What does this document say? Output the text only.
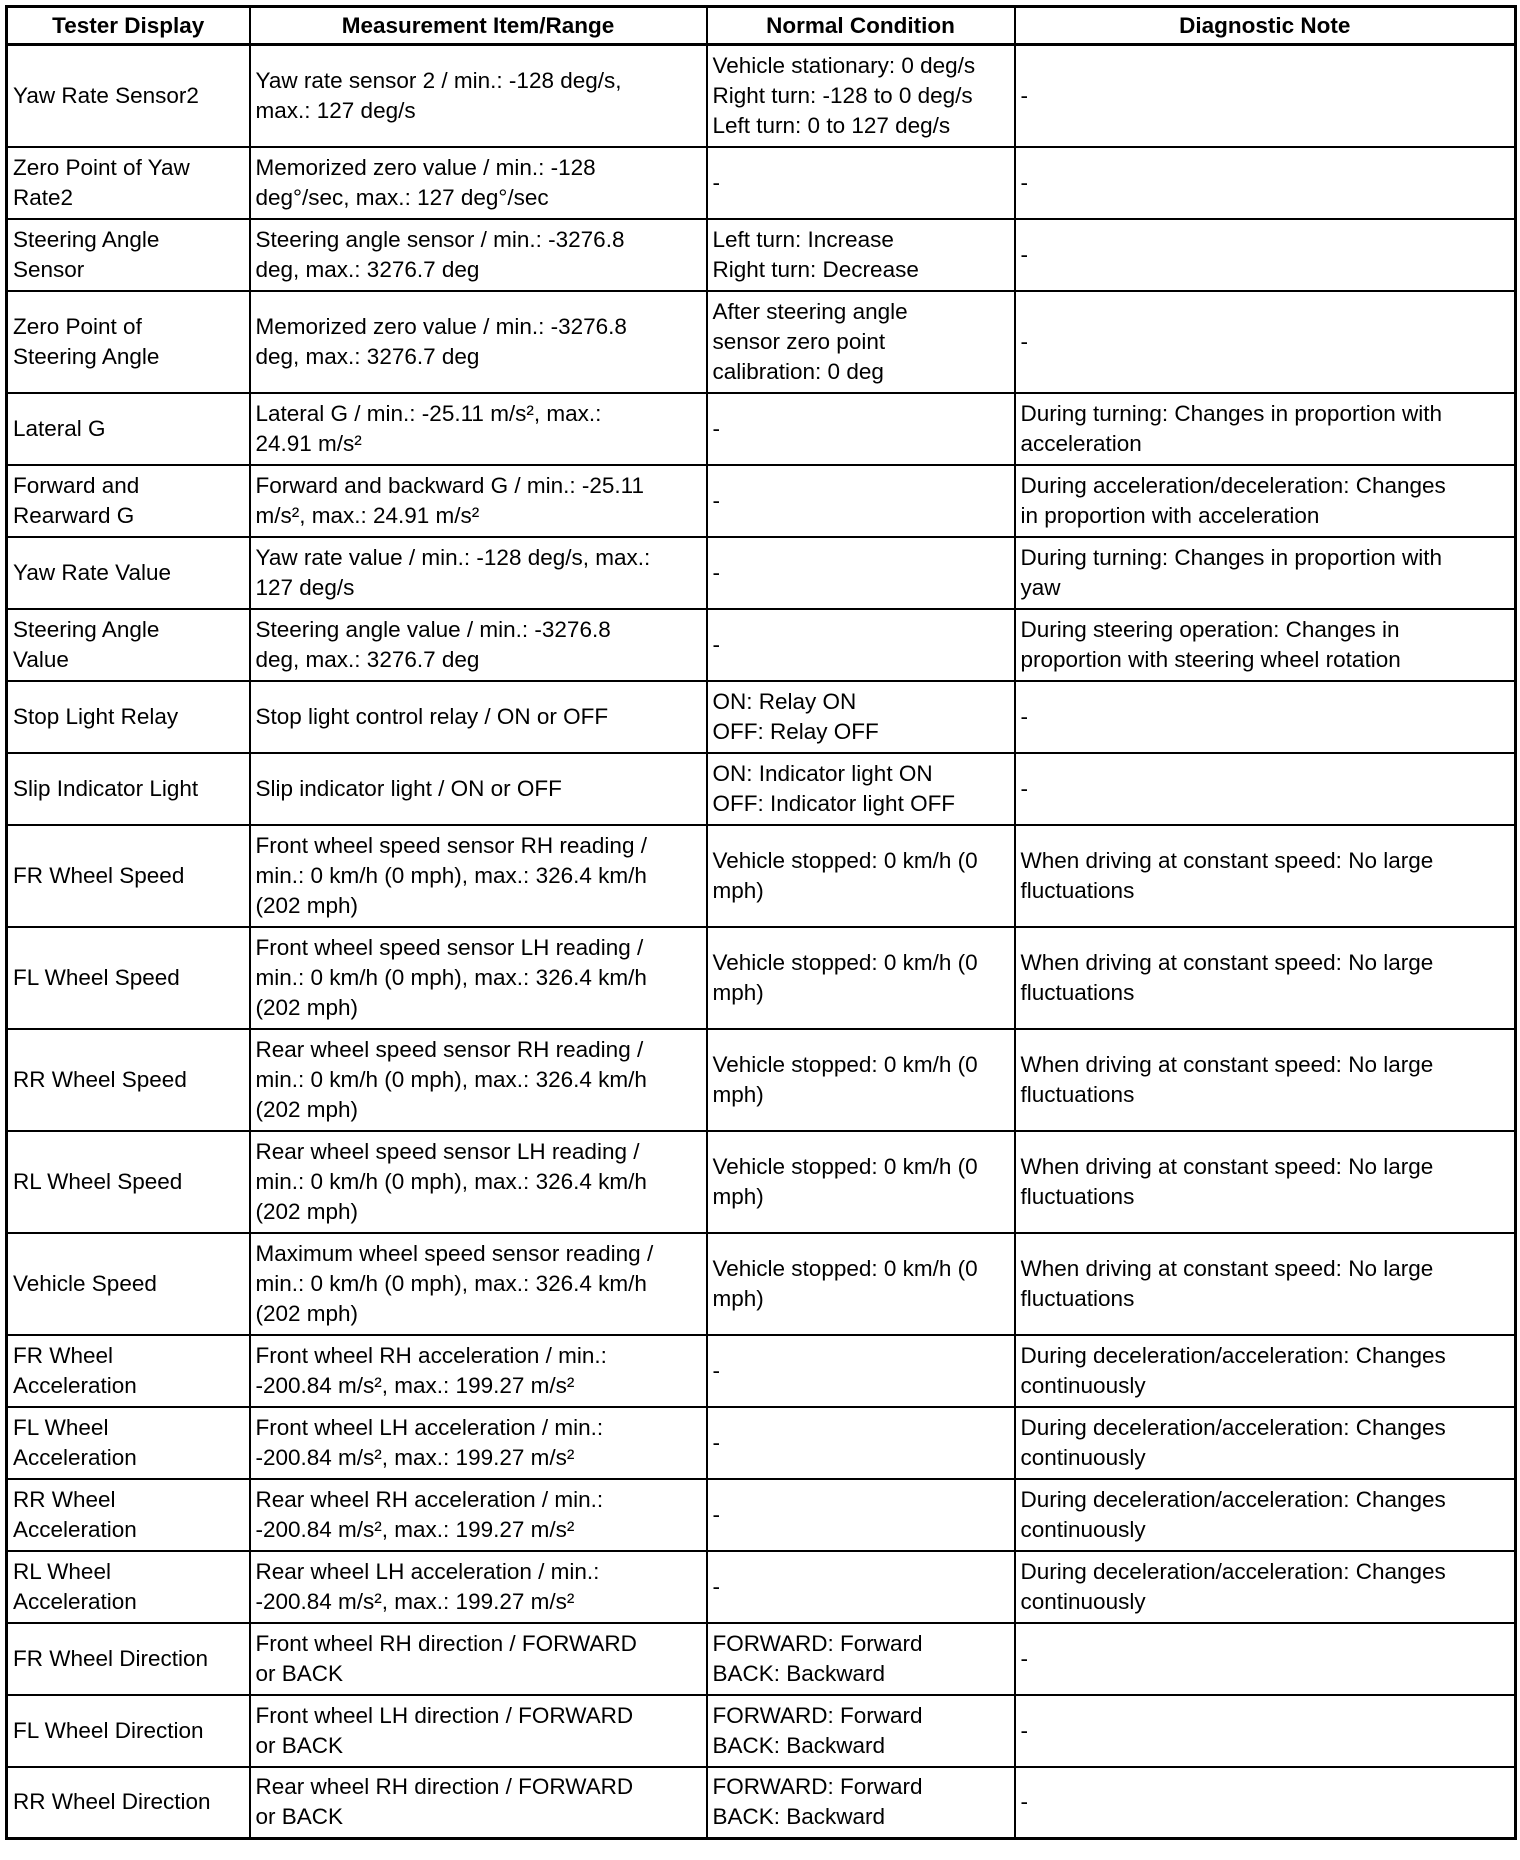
Tester Display	Measurement Item/Range	Normal Condition	Diagnostic Note
Yaw Rate Sensor2	Yaw rate sensor 2 / min.: -128 deg/s,
max.: 127 deg/s	Vehicle stationary: 0 deg/s
Right turn: -128 to 0 deg/s
Left turn: 0 to 127 deg/s	-
Zero Point of Yaw
Rate2	Memorized zero value / min.: -128
deg°/sec, max.: 127 deg°/sec	-	-
Steering Angle
Sensor	Steering angle sensor / min.: -3276.8
deg, max.: 3276.7 deg	Left turn: Increase
Right turn: Decrease	-
Zero Point of
Steering Angle	Memorized zero value / min.: -3276.8
deg, max.: 3276.7 deg	After steering angle
sensor zero point
calibration: 0 deg	-
Lateral G	Lateral G / min.: -25.11 m/s², max.:
24.91 m/s²	-	During turning: Changes in proportion with
acceleration
Forward and
Rearward G	Forward and backward G / min.: -25.11
m/s², max.: 24.91 m/s²	-	During acceleration/deceleration: Changes
in proportion with acceleration
Yaw Rate Value	Yaw rate value / min.: -128 deg/s, max.:
127 deg/s	-	During turning: Changes in proportion with
yaw
Steering Angle
Value	Steering angle value / min.: -3276.8
deg, max.: 3276.7 deg	-	During steering operation: Changes in
proportion with steering wheel rotation
Stop Light Relay	Stop light control relay / ON or OFF	ON: Relay ON
OFF: Relay OFF	-
Slip Indicator Light	Slip indicator light / ON or OFF	ON: Indicator light ON
OFF: Indicator light OFF	-
FR Wheel Speed	Front wheel speed sensor RH reading /
min.: 0 km/h (0 mph), max.: 326.4 km/h
(202 mph)	Vehicle stopped: 0 km/h (0
mph)	When driving at constant speed: No large
fluctuations
FL Wheel Speed	Front wheel speed sensor LH reading /
min.: 0 km/h (0 mph), max.: 326.4 km/h
(202 mph)	Vehicle stopped: 0 km/h (0
mph)	When driving at constant speed: No large
fluctuations
RR Wheel Speed	Rear wheel speed sensor RH reading /
min.: 0 km/h (0 mph), max.: 326.4 km/h
(202 mph)	Vehicle stopped: 0 km/h (0
mph)	When driving at constant speed: No large
fluctuations
RL Wheel Speed	Rear wheel speed sensor LH reading /
min.: 0 km/h (0 mph), max.: 326.4 km/h
(202 mph)	Vehicle stopped: 0 km/h (0
mph)	When driving at constant speed: No large
fluctuations
Vehicle Speed	Maximum wheel speed sensor reading /
min.: 0 km/h (0 mph), max.: 326.4 km/h
(202 mph)	Vehicle stopped: 0 km/h (0
mph)	When driving at constant speed: No large
fluctuations
FR Wheel
Acceleration	Front wheel RH acceleration / min.:
-200.84 m/s², max.: 199.27 m/s²	-	During deceleration/acceleration: Changes
continuously
FL Wheel
Acceleration	Front wheel LH acceleration / min.:
-200.84 m/s², max.: 199.27 m/s²	-	During deceleration/acceleration: Changes
continuously
RR Wheel
Acceleration	Rear wheel RH acceleration / min.:
-200.84 m/s², max.: 199.27 m/s²	-	During deceleration/acceleration: Changes
continuously
RL Wheel
Acceleration	Rear wheel LH acceleration / min.:
-200.84 m/s², max.: 199.27 m/s²	-	During deceleration/acceleration: Changes
continuously
FR Wheel Direction	Front wheel RH direction / FORWARD
or BACK	FORWARD: Forward
BACK: Backward	-
FL Wheel Direction	Front wheel LH direction / FORWARD
or BACK	FORWARD: Forward
BACK: Backward	-
RR Wheel Direction	Rear wheel RH direction / FORWARD
or BACK	FORWARD: Forward
BACK: Backward	-
